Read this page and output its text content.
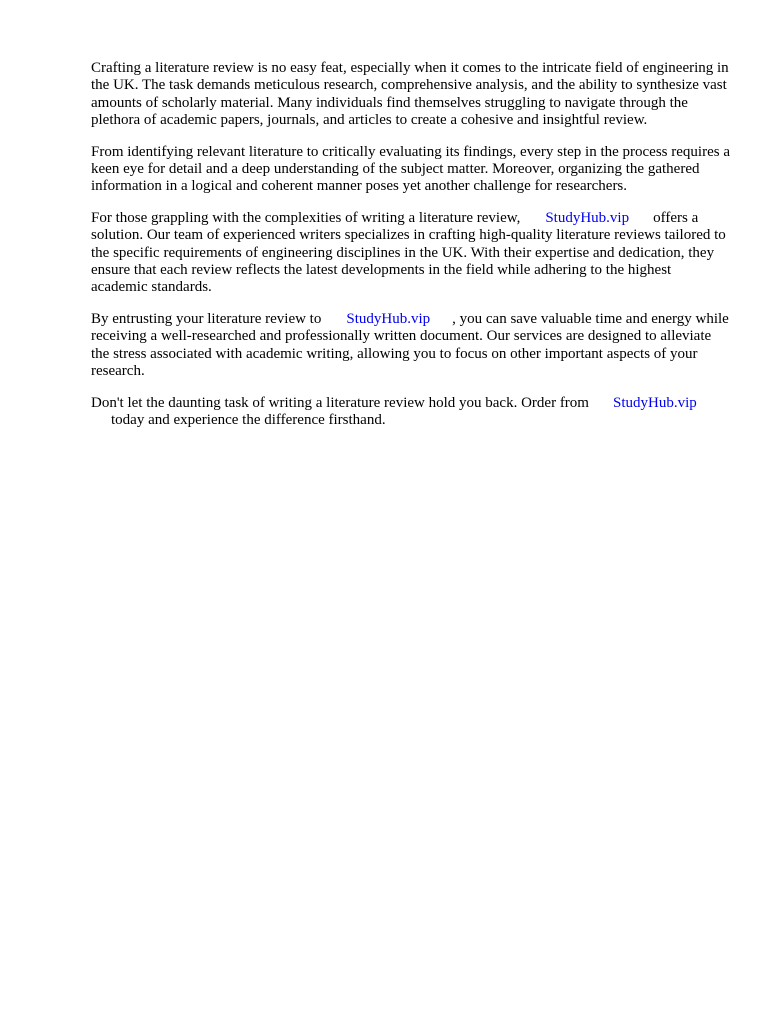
Crafting a literature review is no easy feat, especially when it comes to the intricate field of engineering in the UK. The task demands meticulous research, comprehensive analysis, and the ability to synthesize vast amounts of scholarly material. Many individuals find themselves struggling to navigate through the plethora of academic papers, journals, and articles to create a cohesive and insightful review.

From identifying relevant literature to critically evaluating its findings, every step in the process requires a keen eye for detail and a deep understanding of the subject matter. Moreover, organizing the gathered information in a logical and coherent manner poses yet another challenge for researchers.

For those grappling with the complexities of writing a literature review, StudyHub.vip offers a solution. Our team of experienced writers specializes in crafting high-quality literature reviews tailored to the specific requirements of engineering disciplines in the UK. With their expertise and dedication, they ensure that each review reflects the latest developments in the field while adhering to the highest academic standards.

By entrusting your literature review to StudyHub.vip , you can save valuable time and energy while receiving a well-researched and professionally written document. Our services are designed to alleviate the stress associated with academic writing, allowing you to focus on other important aspects of your research.

Don't let the daunting task of writing a literature review hold you back. Order from StudyHub.vip
today and experience the difference firsthand.
